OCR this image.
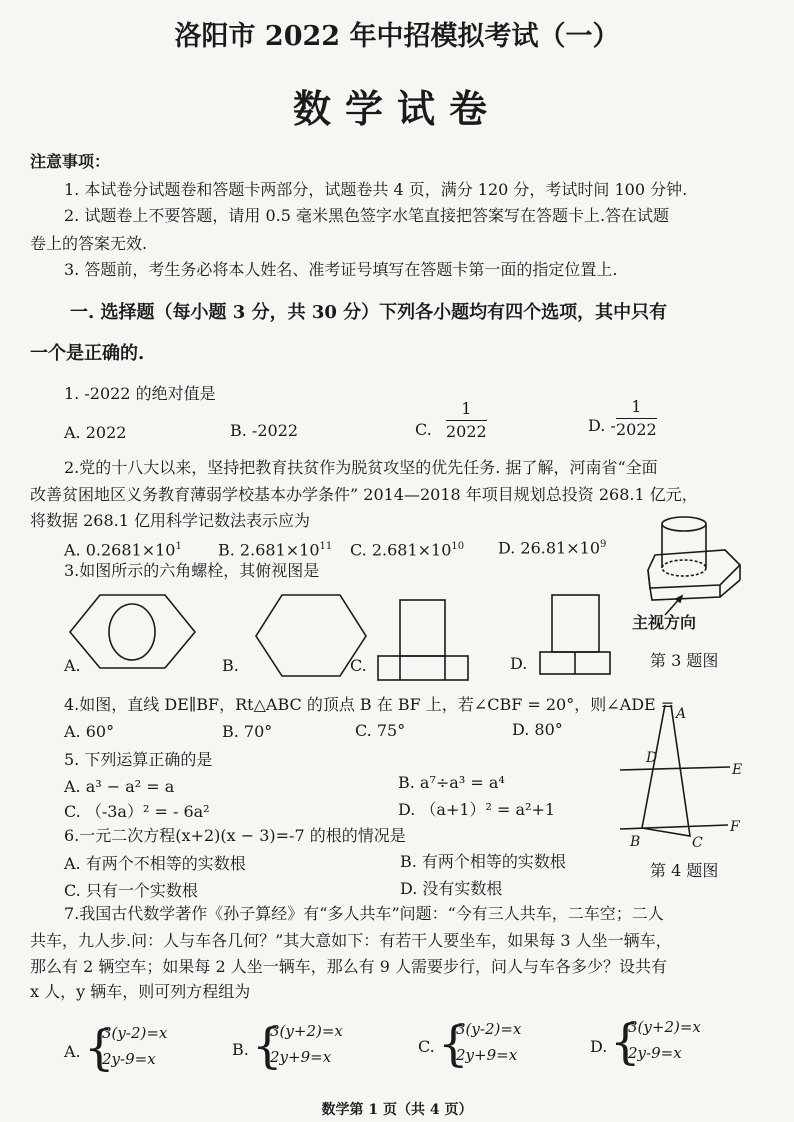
洛阳市 2022 年中招模拟考试（一）
数学试卷
注意事项：
1. 本试卷分试题卷和答题卡两部分，试题卷共 4 页，满分 120 分，考试时间 100 分钟.
2. 试题卷上不要答题，请用 0.5 毫米黑色签字水笔直接把答案写在答题卡上.答在试题
卷上的答案无效.
3. 答题前，考生务必将本人姓名、准考证号填写在答题卡第一面的指定位置上.
一. 选择题（每小题 3 分，共 30 分）下列各小题均有四个选项，其中只有
一个是正确的.
1. -2022 的绝对值是
A. 2022	B. -2022	C. $\frac{1}{2022}$	D. - $\frac{1}{2022}$
2.党的十八大以来，坚持把教育扶贫作为脱贫攻坚的优先任务. 据了解，河南省“全面
改善贫困地区义务教育薄弱学校基本办学条件” 2014—2018 年项目规划总投资 268.1 亿元，
将数据 268.1 亿用科学记数法表示应为
A. $0.2681\times 10^1$ B. $2.681\times 10^{11}$ C. $2.681\times 10^{10}$ D. $26.81\times 10^9$
3.如图所示的六角螺栓，其俯视图是
A.	B.	C.	D.
主视方向
第 3 题图
4.如图，直线 DE∥BF，Rt△ABC 的顶点 B 在 BF 上，若∠CBF = 20°，则∠ADE =
A. 60°	B. 70°	C. 75°	D. 80°
A
D
E
B	C
F
第 4 题图
5. 下列运算正确的是
A. a³ − a² = a	B. a⁷÷a³ = a⁴
C. （-3a）² = - 6a²	D. （a+1）² = a²+1
6.一元二次方程(x+2)(x − 3)=-7 的根的情况是
A. 有两个不相等的实数根	B. 有两个相等的实数根
C. 只有一个实数根	D. 没有实数根
7.我国古代数学著作《孙子算经》有“多人共车”问题：“今有三人共车，二车空；二人
共车，九人步.问：人与车各几何？”其大意如下：有若干人要坐车，如果每 3 人坐一辆车，
那么有 2 辆空车；如果每 2 人坐一辆车，那么有 9 人需要步行，问人与车各多少？设共有
x 人，y 辆车，则可列方程组为
A. {
3(y-2)=x
2y-9=x	B. {
3(y+2)=x
2y+9=x
C. {
3(y-2)=x
2y+9=x	D. {
3(y+2)=x
2y-9=x
数学第 1 页（共 4 页）
